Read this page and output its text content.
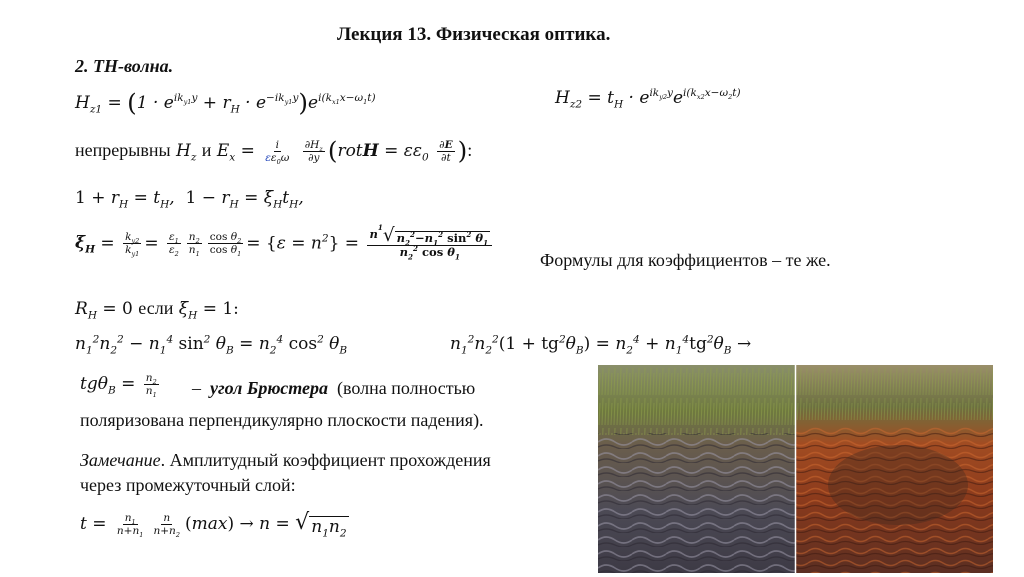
Лекция 13. Физическая оптика.
2. ТН-волна.
$H_{z1} = (1 \cdot e^{ik_{y1}y} + r_H \cdot e^{-ik_{y1}y})e^{i(k_{x1}x-\omega_1t)}$	$H_{z2} = t_H \cdot e^{ik_{y2}y}e^{i(k_{x2}x-\omega_2t)}$
непрерывны $H_z$ и $E_x = \frac{i}{\varepsilon\varepsilon_0\omega}$
$\frac{\partial H_z}{\partial y}$ (rotH = $\varepsilon\varepsilon_0 \frac{\partial E}{\partial t}$ ):
$1 + r_H = t_H$,  $1 - r_H = \xi_Ht_H$,
$\xi_H = \frac{k_{y2}}{k_{y1}} = \frac{\varepsilon_1}{\varepsilon_2} \frac{n_2}{n_1} \frac{\cos \theta_2}{\cos \theta_1} = \{\varepsilon = n^2\} = \frac{n 1 √ n_2^2-n_1^2 \sin^2 \theta_1}{n_2^2 \cos \theta_1}$
Формулы для коэффициентов – те же.
$R_H = 0$ если $\xi_H = 1$:
$n_1^2n_2^2 - n_1^4$ $\sin^2 \theta_B = n_2^4$ $\cos^2 \theta_B$	$n_1^2n_2^2(1 + tg^2\theta_B) = n_2^4 + n_1^4tg^2\theta_B$ →
$tg\theta_B = \frac{n_2}{n_1}$ – угол Брюстера (волна полностью
поляризована перпендикулярно плоскости падения).
Замечание. Амплитудный коэффициент прохождения
через промежуточный слой:
$t = \frac{n_1}{n+n_1} \frac{n}{n+n_2} (\max) \to n$ = √ $n_1n_2$
